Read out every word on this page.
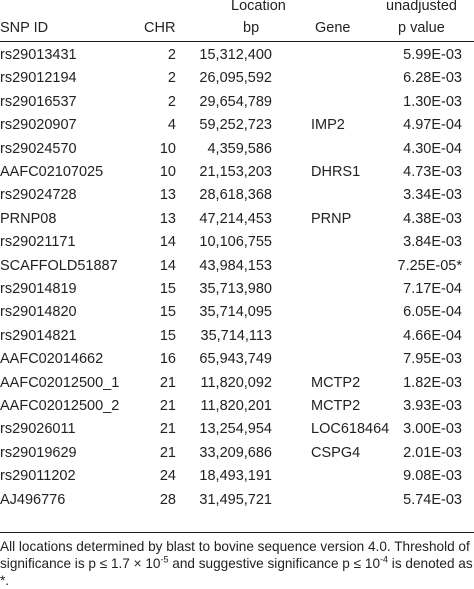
Location	unadjusted
SNP ID	CHR	bp	Gene	p value
rs29013431	2 15,312,400	5.99E-03
rs29012194	2 26,095,592	6.28E-03
rs29016537	2 29,654,789	1.30E-03
rs29020907	4 59,252,723	IMP2	4.97E-04
rs29024570	10 4,359,586	4.30E-04
AAFC02107025	10 21,153,203	DHRS1	4.73E-03
rs29024728	13 28,618,368	3.34E-03
PRNP08	13 47,214,453	PRNP	4.38E-03
rs29021171	14 10,106,755	3.84E-03
SCAFFOLD51887	14 43,984,153	7.25E-05*
rs29014819	15 35,713,980	7.17E-04
rs29014820	15 35,714,095	6.05E-04
rs29014821	15 35,714,113	4.66E-04
AAFC02014662	16 65,943,749	7.95E-03
AAFC02012500_1	21 11,820,092	MCTP2	1.82E-03
AAFC02012500_2	21 11,820,201	MCTP2	3.93E-03
rs29026011	21 13,254,954	LOC618464 3.00E-03
rs29019629	21 33,209,686	CSPG4	2.01E-03
rs29011202	24 18,493,191	9.08E-03
AJ496776	28 31,495,721	5.74E-03
All locations determined by blast to bovine sequence version 4.0. Threshold of significance is $p \le 1.7 \times 10^{-5}$ and suggestive significance $p \le 10^{-4}$ is denoted as *.
